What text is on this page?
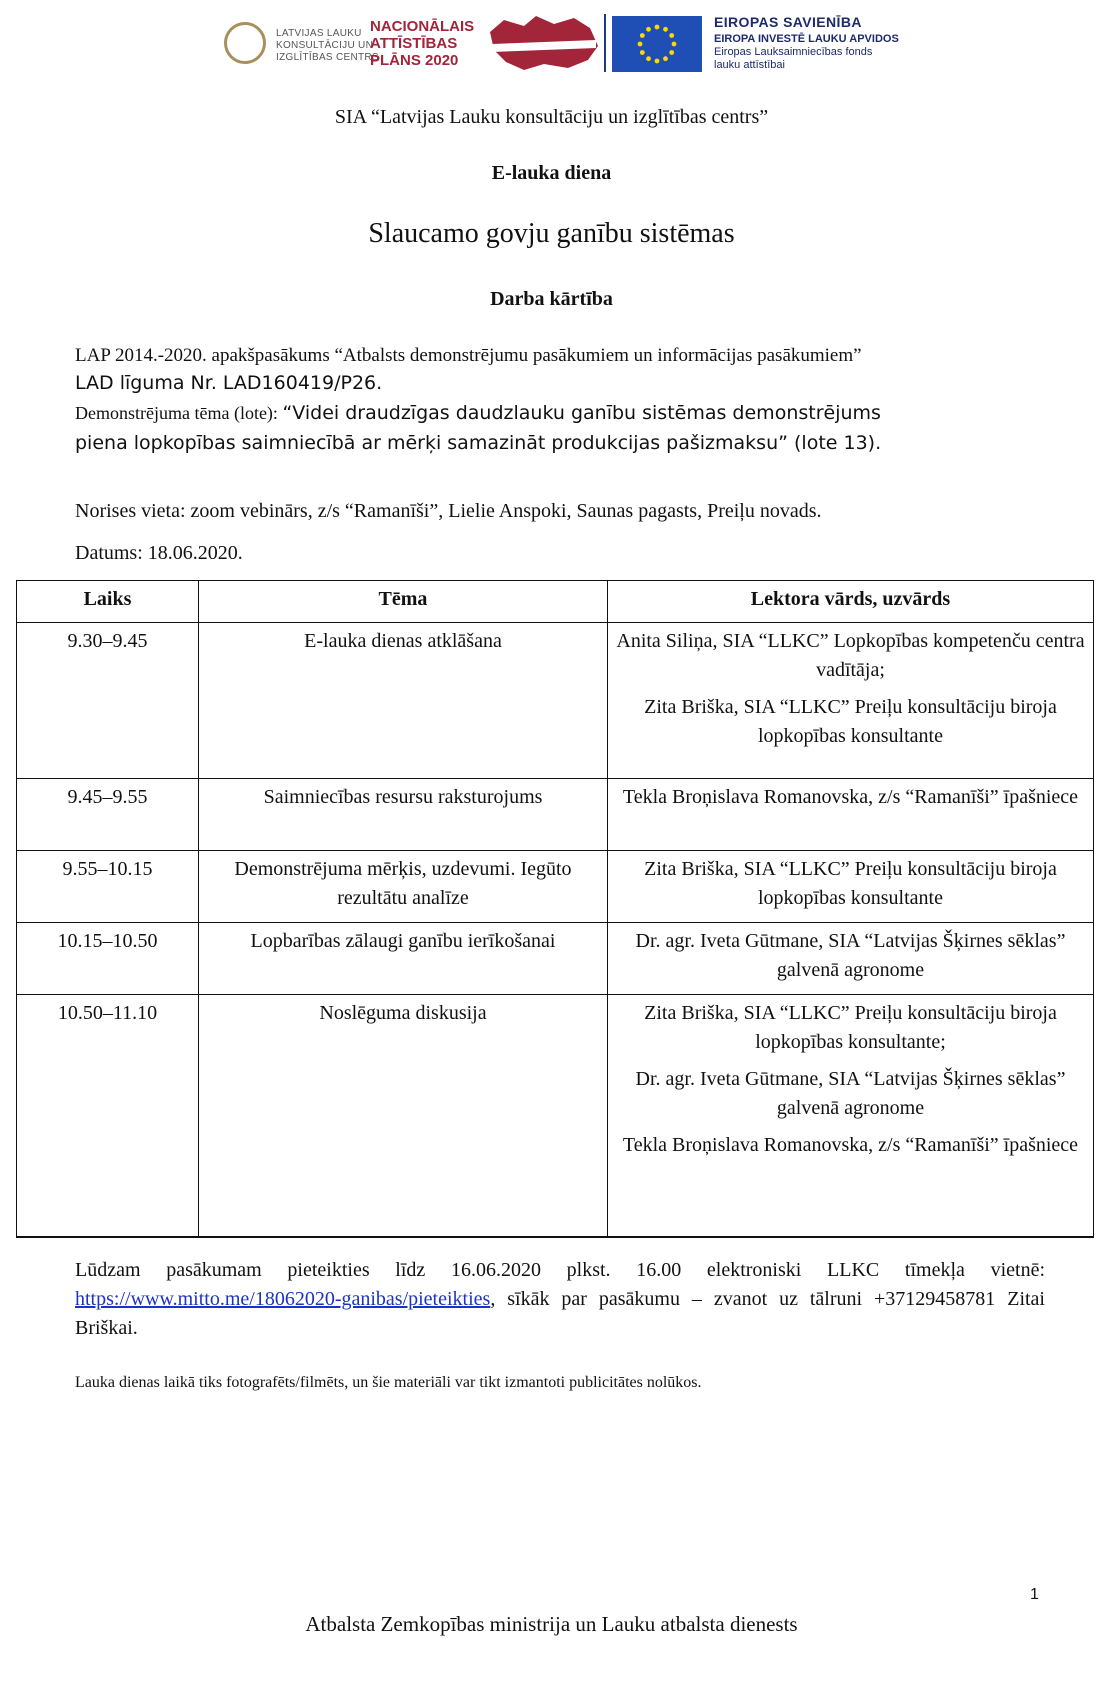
LATVIJAS LAUKU
KONSULTĀCIJU UN
IZGLĪTĪBAS CENTRS
NACIONĀLAIS
ATTĪSTĪBAS
PLĀNS 2020
EIROPAS SAVIENĪBA
EIROPA INVESTĒ LAUKU APVIDOS
Eiropas Lauksaimniecības fonds
lauku attīstībai
SIA “Latvijas Lauku konsultāciju un izglītības centrs”
E-lauka diena
Slaucamo govju ganību sistēmas
Darba kārtība
LAP 2014.-2020. apakšpasākums “Atbalsts demonstrējumu pasākumiem un informācijas pasākumiem”
LAD līguma Nr. LAD160419/P26.
Demonstrējuma tēma (lote): “Videi draudzīgas daudzlauku ganību sistēmas demonstrējums
piena lopkopības saimniecībā ar mērķi samazināt produkcijas pašizmaksu” (lote 13).
Norises vieta: zoom vebinārs, z/s “Ramanīši”, Lielie Anspoki, Saunas pagasts, Preiļu novads.
Datums: 18.06.2020.
Laiks	Tēma	Lektora vārds, uzvārds
9.30–9.45	E-lauka dienas atklāšana	Anita Siliņa, SIA “LLKC” Lopkopības kompetenču centra vadītāja;
Zita Briška, SIA “LLKC” Preiļu konsultāciju biroja lopkopības konsultante

9.45–9.55	Saimniecības resursu raksturojums	Tekla Broņislava Romanovska, z/s “Ramanīši” īpašniece

9.55–10.15	Demonstrējuma mērķis, uzdevumi. Iegūto rezultātu analīze	Zita Briška, SIA “LLKC” Preiļu konsultāciju biroja lopkopības konsultante

10.15–10.50	Lopbarības zālaugi ganību ierīkošanai	Dr. agr. Iveta Gūtmane, SIA “Latvijas Šķirnes sēklas” galvenā agronome

10.50–11.10	Noslēguma diskusija	Zita Briška, SIA “LLKC” Preiļu konsultāciju biroja lopkopības konsultante;
Dr. agr. Iveta Gūtmane, SIA “Latvijas Šķirnes sēklas” galvenā agronome
Tekla Broņislava Romanovska, z/s “Ramanīši” īpašniece
Lūdzam pasākumam pieteikties līdz 16.06.2020 plkst. 16.00 elektroniski LLKC tīmekļa vietnē: https://www.mitto.me/18062020-ganibas/pieteikties, sīkāk par pasākumu – zvanot uz tālruni +37129458781 Zitai Briškai.
Lauka dienas laikā tiks fotografēts/filmēts, un šie materiāli var tikt izmantoti publicitātes nolūkos.
1
Atbalsta Zemkopības ministrija un Lauku atbalsta dienests
